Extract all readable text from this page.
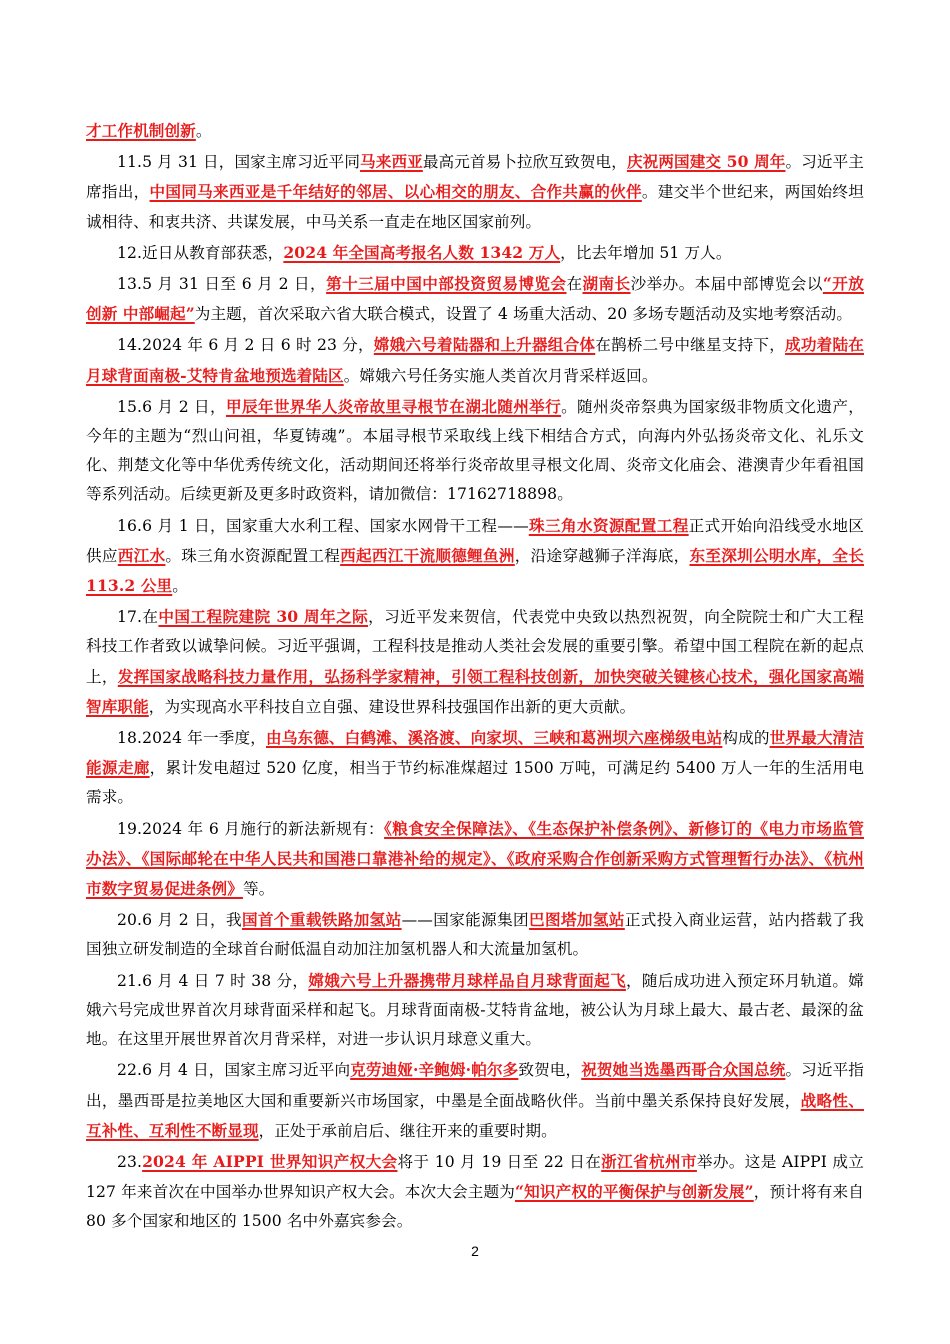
才工作机制创新。

11.5 月 31 日，国家主席习近平同马来西亚最高元首易卜拉欣互致贺电，庆祝两国建交 50 周年。习近平主席指出，中国同马来西亚是千年结好的邻居、以心相交的朋友、合作共赢的伙伴。建交半个世纪来，两国始终坦诚相待、和衷共济、共谋发展，中马关系一直走在地区国家前列。

12.近日从教育部获悉，2024 年全国高考报名人数 1342 万人，比去年增加 51 万人。

13.5 月 31 日至 6 月 2 日，第十三届中国中部投资贸易博览会在湖南长沙举办。本届中部博览会以“开放创新 中部崛起”为主题，首次采取六省大联合模式，设置了 4 场重大活动、20 多场专题活动及实地考察活动。

14.2024 年 6 月 2 日 6 时 23 分，嫦娥六号着陆器和上升器组合体在鹊桥二号中继星支持下，成功着陆在月球背面南极-艾特肯盆地预选着陆区。嫦娥六号任务实施人类首次月背采样返回。

15.6 月 2 日，甲辰年世界华人炎帝故里寻根节在湖北随州举行。随州炎帝祭典为国家级非物质文化遗产，今年的主题为“烈山问祖，华夏铸魂”。本届寻根节采取线上线下相结合方式，向海内外弘扬炎帝文化、礼乐文化、荆楚文化等中华优秀传统文化，活动期间还将举行炎帝故里寻根文化周、炎帝文化庙会、港澳青少年看祖国等系列活动。后续更新及更多时政资料，请加微信：17162718898。

16.6 月 1 日，国家重大水利工程、国家水网骨干工程——珠三角水资源配置工程正式开始向沿线受水地区供应西江水。珠三角水资源配置工程西起西江干流顺德鲤鱼洲，沿途穿越狮子洋海底，东至深圳公明水库，全长 113.2 公里。

17.在中国工程院建院 30 周年之际，习近平发来贺信，代表党中央致以热烈祝贺，向全院院士和广大工程科技工作者致以诚挚问候。习近平强调，工程科技是推动人类社会发展的重要引擎。希望中国工程院在新的起点上，发挥国家战略科技力量作用，弘扬科学家精神，引领工程科技创新，加快突破关键核心技术，强化国家高端智库职能，为实现高水平科技自立自强、建设世界科技强国作出新的更大贡献。

18.2024 年一季度，由乌东德、白鹤滩、溪洛渡、向家坝、三峡和葛洲坝六座梯级电站构成的世界最大清洁能源走廊，累计发电超过 520 亿度，相当于节约标准煤超过 1500 万吨，可满足约 5400 万人一年的生活用电需求。

19.2024 年 6 月施行的新法新规有：《粮食安全保障法》、《生态保护补偿条例》、新修订的《电力市场监管办法》、《国际邮轮在中华人民共和国港口靠港补给的规定》、《政府采购合作创新采购方式管理暂行办法》、《杭州市数字贸易促进条例》等。

20.6 月 2 日，我国首个重载铁路加氢站——国家能源集团巴图塔加氢站正式投入商业运营，站内搭载了我国独立研发制造的全球首台耐低温自动加注加氢机器人和大流量加氢机。

21.6 月 4 日 7 时 38 分，嫦娥六号上升器携带月球样品自月球背面起飞，随后成功进入预定环月轨道。嫦娥六号完成世界首次月球背面采样和起飞。月球背面南极-艾特肯盆地，被公认为月球上最大、最古老、最深的盆地。在这里开展世界首次月背采样，对进一步认识月球意义重大。

22.6 月 4 日，国家主席习近平向克劳迪娅·辛鲍姆·帕尔多致贺电，祝贺她当选墨西哥合众国总统。习近平指出，墨西哥是拉美地区大国和重要新兴市场国家，中墨是全面战略伙伴。当前中墨关系保持良好发展，战略性、互补性、互利性不断显现，正处于承前启后、继往开来的重要时期。

23.2024 年 AIPPI 世界知识产权大会将于 10 月 19 日至 22 日在浙江省杭州市举办。这是 AIPPI 成立 127 年来首次在中国举办世界知识产权大会。本次大会主题为“知识产权的平衡保护与创新发展”，预计将有来自 80 多个国家和地区的 1500 名中外嘉宾参会。

2
